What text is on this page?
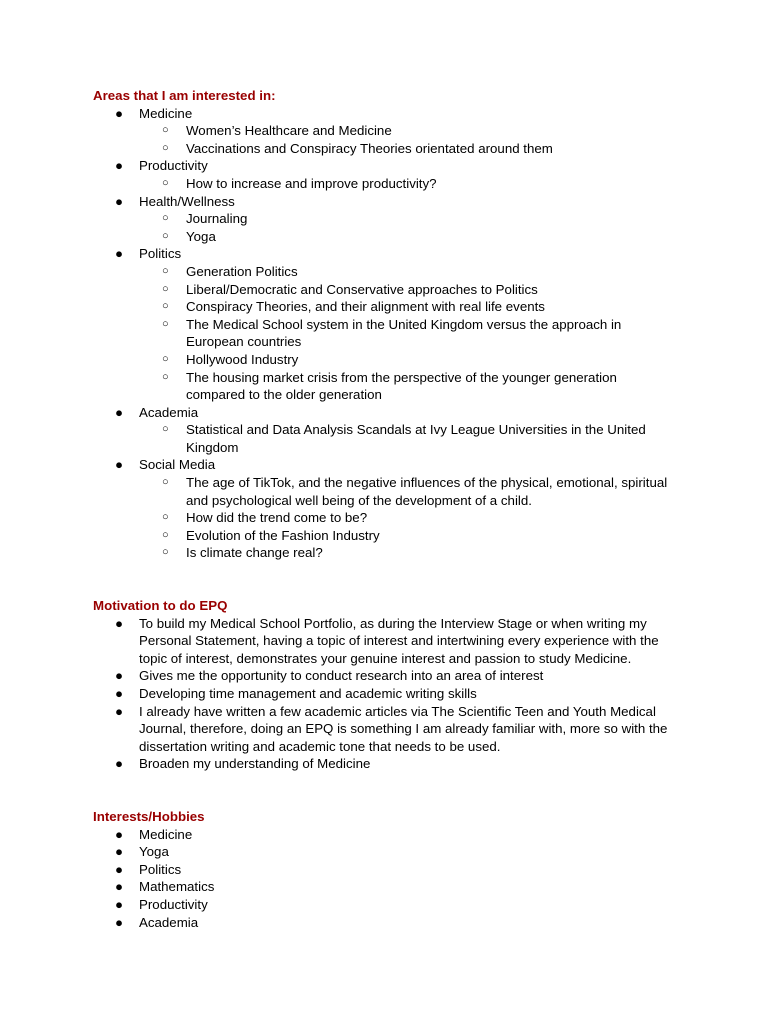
Areas that I am interested in:

● Medicine
○ Women’s Healthcare and Medicine
○ Vaccinations and Conspiracy Theories orientated around them
● Productivity
○ How to increase and improve productivity?
● Health/Wellness
○ Journaling
○ Yoga
● Politics
○ Generation Politics
○ Liberal/Democratic and Conservative approaches to Politics
○ Conspiracy Theories, and their alignment with real life events
○ The Medical School system in the United Kingdom versus the approach in European countries
○ Hollywood Industry
○ The housing market crisis from the perspective of the younger generation compared to the older generation
● Academia
○ Statistical and Data Analysis Scandals at Ivy League Universities in the United Kingdom
● Social Media
○ The age of TikTok, and the negative influences of the physical, emotional, spiritual and psychological well being of the development of a child.
○ How did the trend come to be?
○ Evolution of the Fashion Industry
○ Is climate change real?

Motivation to do EPQ

● To build my Medical School Portfolio, as during the Interview Stage or when writing my Personal Statement, having a topic of interest and intertwining every experience with the topic of interest, demonstrates your genuine interest and passion to study Medicine.
● Gives me the opportunity to conduct research into an area of interest
● Developing time management and academic writing skills
● I already have written a few academic articles via The Scientific Teen and Youth Medical Journal, therefore, doing an EPQ is something I am already familiar with, more so with the dissertation writing and academic tone that needs to be used.
● Broaden my understanding of Medicine

Interests/Hobbies

● Medicine
● Yoga
● Politics
● Mathematics
● Productivity
● Academia
